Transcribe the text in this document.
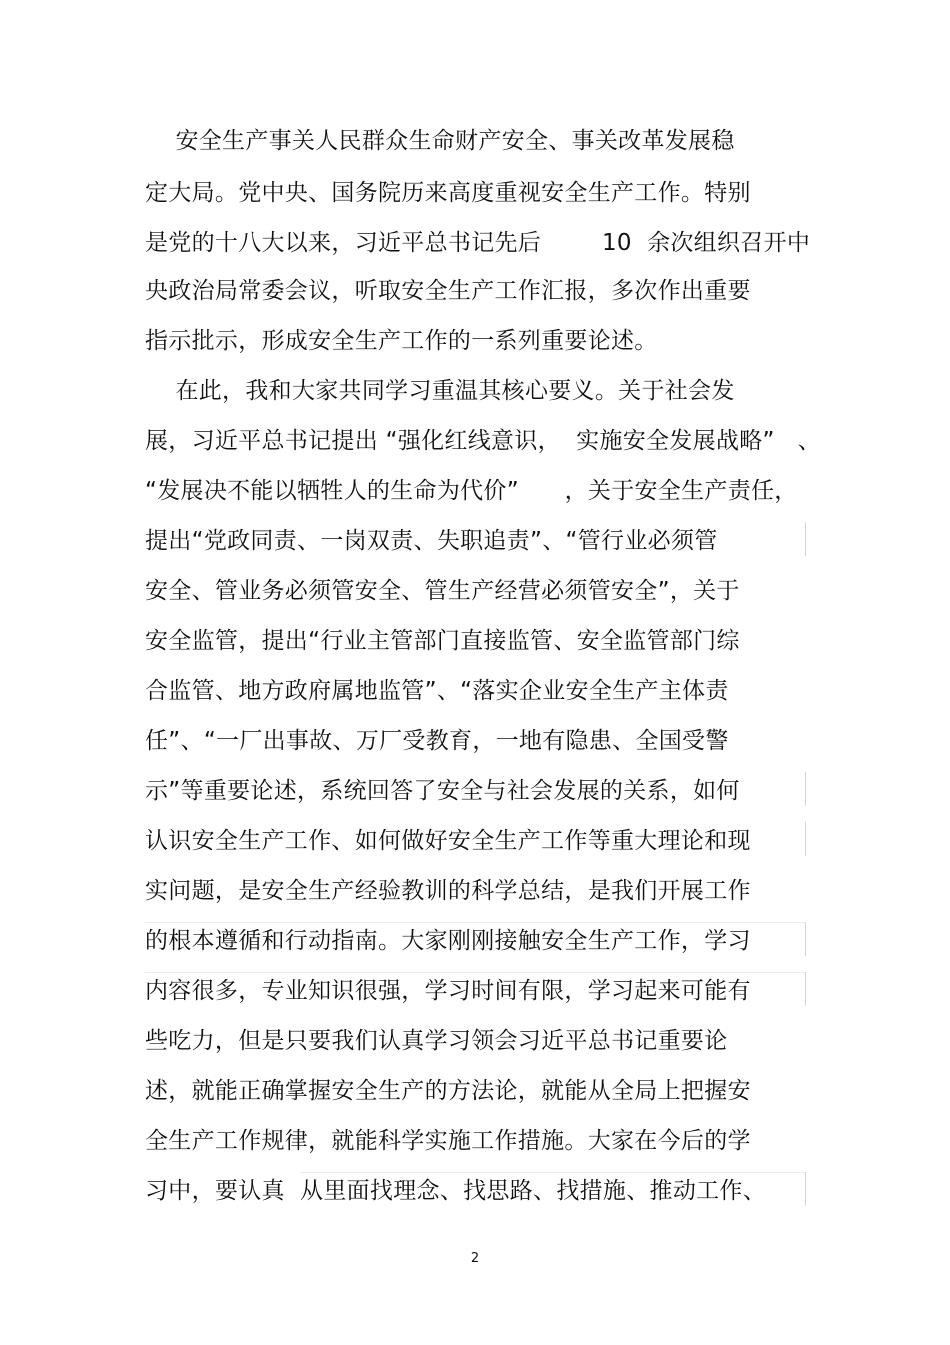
安全生产事关人民群众生命财产安全、事关改革发展稳
定大局。党中央、国务院历来高度重视安全生产工作。特别
是党的十八大以来，习近平总书记先后        10  余次组织召开中
央政治局常委会议，听取安全生产工作汇报，多次作出重要
指示批示，形成安全生产工作的一系列重要论述。
在此，我和大家共同学习重温其核心要义。关于社会发
展，习近平总书记提出 “强化红线意识，  实施安全发展战略”   、
“发展决不能以牺牲人的生命为代价”      ，关于安全生产责任，
提出“党政同责、一岗双责、失职追责”、“管行业必须管
安全、管业务必须管安全、管生产经营必须管安全”，关于
安全监管，提出“行业主管部门直接监管、安全监管部门综
合监管、地方政府属地监管”、“落实企业安全生产主体责
任”、“一厂出事故、万厂受教育，一地有隐患、全国受警
示”等重要论述，系统回答了安全与社会发展的关系，如何
认识安全生产工作、如何做好安全生产工作等重大理论和现
实问题，是安全生产经验教训的科学总结，是我们开展工作
的根本遵循和行动指南。大家刚刚接触安全生产工作，学习
内容很多，专业知识很强，学习时间有限，学习起来可能有
些吃力，但是只要我们认真学习领会习近平总书记重要论
述，就能正确掌握安全生产的方法论，就能从全局上把握安
全生产工作规律，就能科学实施工作措施。大家在今后的学
习中，要认真  从里面找理念、找思路、找措施、推动工作、
2
